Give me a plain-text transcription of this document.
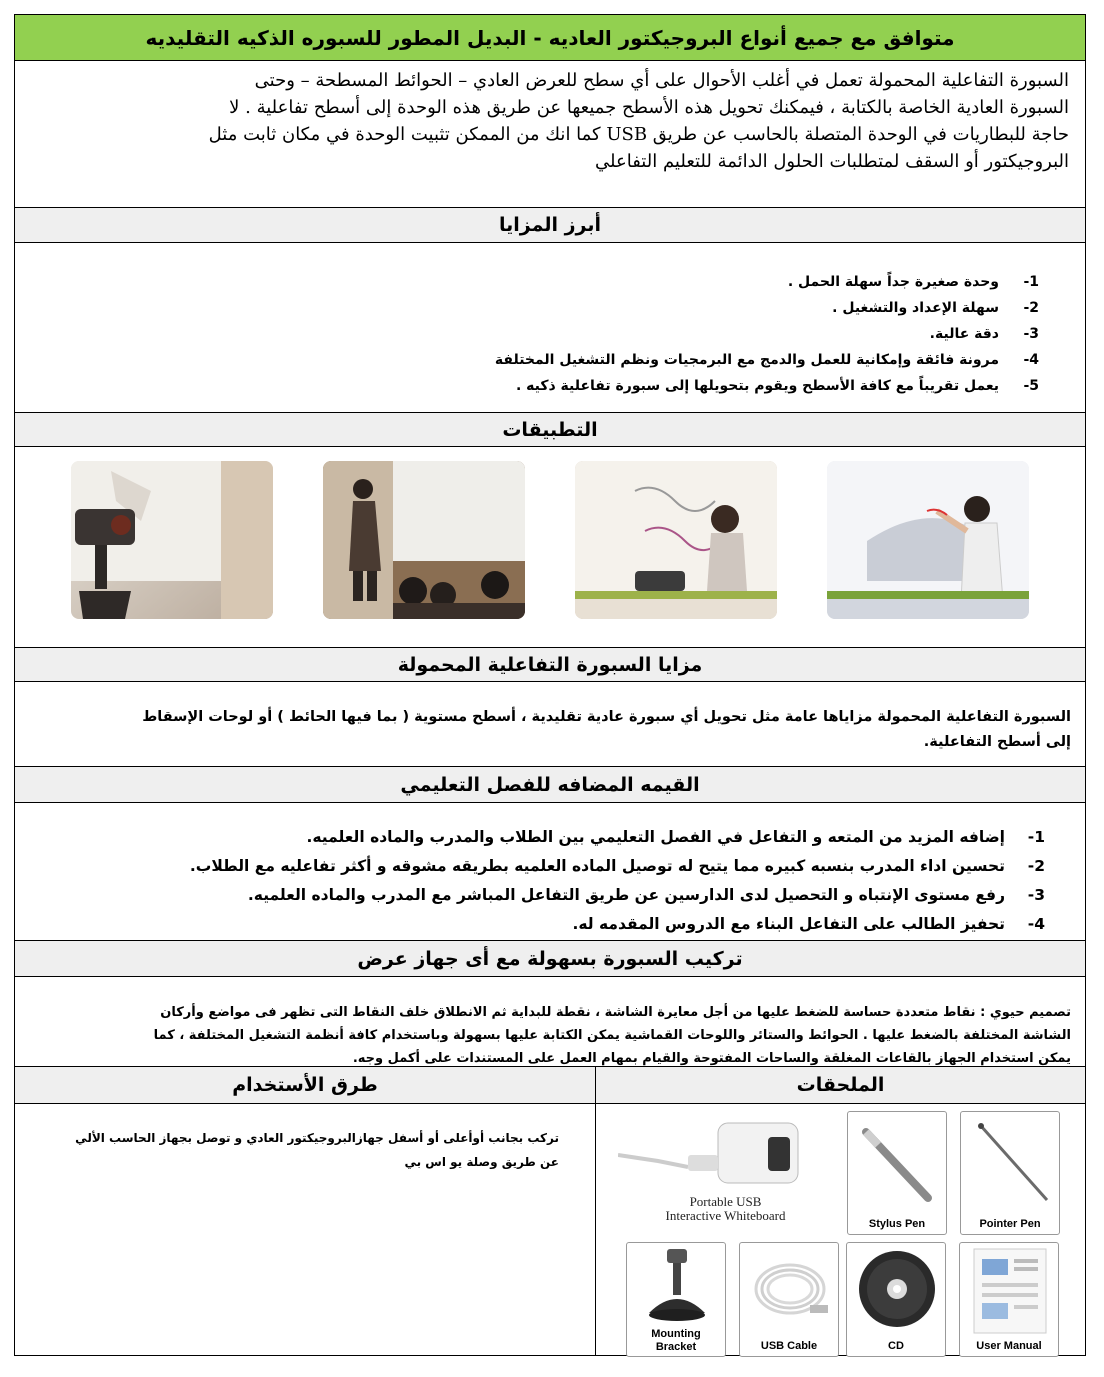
متوافق مع جميع أنواع البروجيكتور العاديه - البديل المطور للسبوره الذكيه التقليديه
السبورة التفاعلية المحمولة تعمل في أغلب الأحوال على أي سطح للعرض العادي – الحوائط المسطحة – وحتى
السبورة العادية الخاصة بالكتابة ، فيمكنك تحويل هذه الأسطح جميعها عن طريق هذه الوحدة إلى أسطح تفاعلية . لا
حاجة للبطاريات في الوحدة المتصلة بالحاسب عن طريق USB كما انك من الممكن تثبيت الوحدة في مكان ثابت مثل
البروجيكتور أو السقف لمتطلبات الحلول الدائمة للتعليم التفاعلي
أبرز المزايا
1-
وحدة صغيرة جداً سهلة الحمل .
2-
سهلة الإعداد والتشغيل .
3-
دقة عالية.
4-
مرونة فائقة وإمكانية للعمل والدمج مع البرمجيات ونظم التشغيل المختلفة
5-
يعمل تقريباً مع كافة الأسطح ويقوم بتحويلها إلى سبورة تفاعلية ذكيه .
التطبيقات
مزايا السبورة التفاعلية المحمولة
السبورة التفاعلية المحمولة مزاياها عامة مثل تحويل أي سبورة عادية تقليدية ، أسطح مستوية ( بما فيها الحائط ) أو لوحات الإسقاط
إلى أسطح التفاعلية.
القيمه المضافه للفصل التعليمي
1-
إضافه المزيد من المتعه و التفاعل في الفصل التعليمي بين الطلاب والمدرب والماده العلميه.
2-
تحسين اداء المدرب بنسبه كبيره مما يتيح له توصيل الماده العلميه بطريقه مشوقه و أكثر تفاعليه مع الطلاب.
3-
رفع مستوى الإنتباه و التحصيل لدى الدارسين عن طريق التفاعل المباشر مع المدرب والماده العلميه.
4-
تحفيز الطالب على التفاعل البناء مع الدروس المقدمه له.
تركيب السبورة بسهولة مع أى جهاز عرض
تصميم حيوي : نقاط متعددة حساسة للضغط عليها من أجل معايرة الشاشة ، نقطة للبداية ثم الانطلاق خلف النقاط التى تظهر فى مواضع وأركان
الشاشة المختلفة بالضغط عليها . الحوائط والستائر واللوحات القماشية يمكن الكتابة عليها بسهولة وباستخدام كافة أنظمة التشغيل المختلفة ، كما
يمكن استخدام الجهاز بالقاعات المغلقة والساحات المفتوحة والقيام بمهام العمل على المستندات على أكمل وجه.
طرق الأستخدام
تركب بجانب أوأعلى أو أسفل جهازالبروجيكتور العادي و توصل بجهاز الحاسب الألي
عن طريق وصلة يو اس بي
الملحقات
Portable USB
Interactive Whiteboard
Stylus Pen	Pointer Pen
Mounting
Bracket	USB Cable	CD	User Manual
